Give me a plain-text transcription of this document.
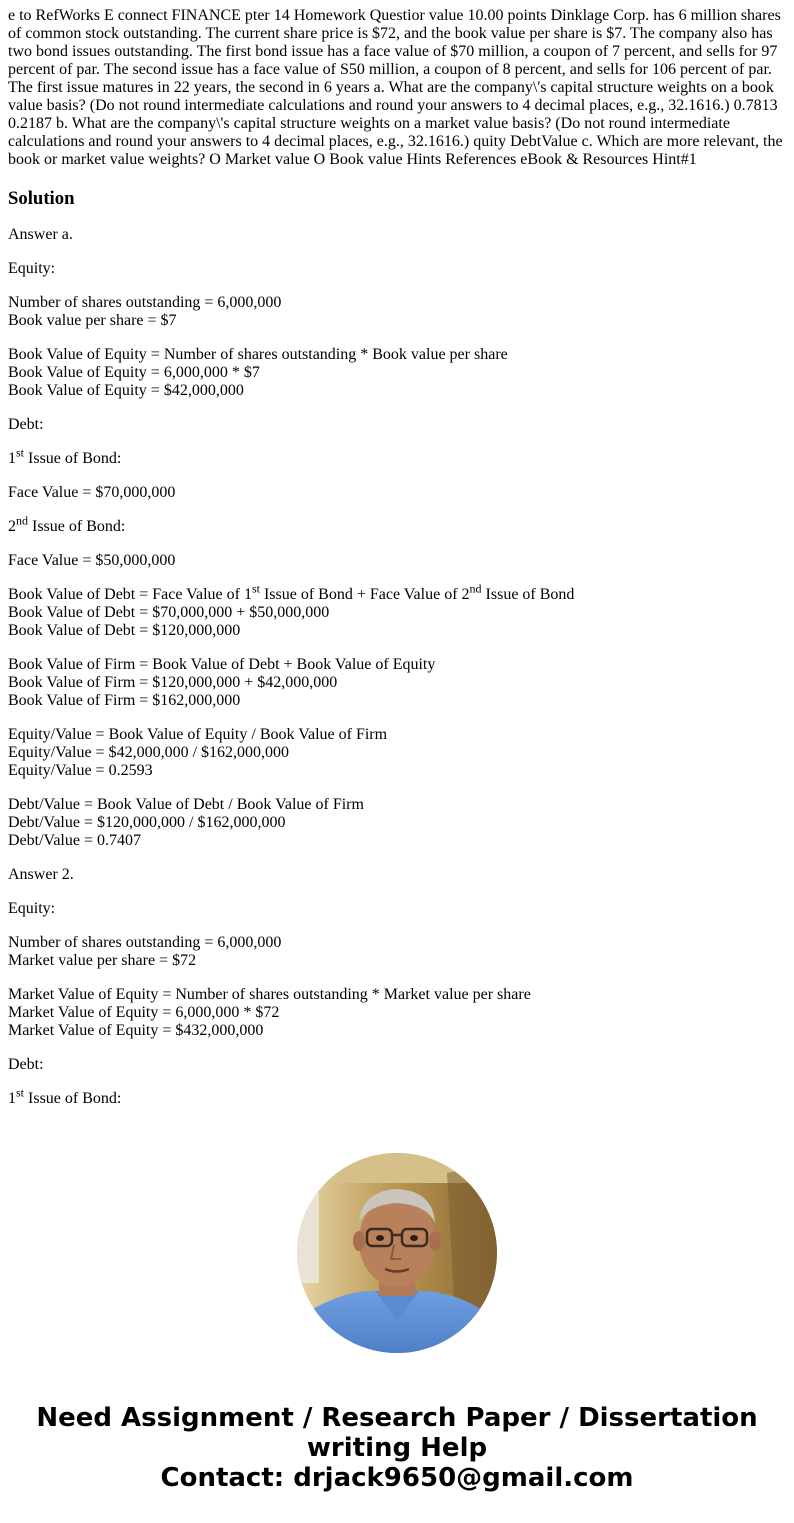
e to RefWorks E connect FINANCE pter 14 Homework Questior value 10.00 points Dinklage Corp. has 6 million shares of common stock outstanding. The current share price is $72, and the book value per share is $7. The company also has two bond issues outstanding. The first bond issue has a face value of $70 million, a coupon of 7 percent, and sells for 97 percent of par. The second issue has a face value of S50 million, a coupon of 8 percent, and sells for 106 percent of par. The first issue matures in 22 years, the second in 6 years a. What are the company\'s capital structure weights on a book value basis? (Do not round intermediate calculations and round your answers to 4 decimal places, e.g., 32.1616.) 0.7813 0.2187 b. What are the company\'s capital structure weights on a market value basis? (Do not round intermediate calculations and round your answers to 4 decimal places, e.g., 32.1616.) quity DebtValue c. Which are more relevant, the book or market value weights? O Market value O Book value Hints References eBook & Resources Hint#1
Solution

Answer a.

Equity:

Number of shares outstanding = 6,000,000
Book value per share = $7

Book Value of Equity = Number of shares outstanding * Book value per share
Book Value of Equity = 6,000,000 * $7
Book Value of Equity = $42,000,000

Debt:

1st Issue of Bond:

Face Value = $70,000,000

2nd Issue of Bond:

Face Value = $50,000,000

Book Value of Debt = Face Value of 1st Issue of Bond + Face Value of 2nd Issue of Bond
Book Value of Debt = $70,000,000 + $50,000,000
Book Value of Debt = $120,000,000

Book Value of Firm = Book Value of Debt + Book Value of Equity
Book Value of Firm = $120,000,000 + $42,000,000
Book Value of Firm = $162,000,000

Equity/Value = Book Value of Equity / Book Value of Firm
Equity/Value = $42,000,000 / $162,000,000
Equity/Value = 0.2593

Debt/Value = Book Value of Debt / Book Value of Firm
Debt/Value = $120,000,000 / $162,000,000
Debt/Value = 0.7407

Answer 2.

Equity:

Number of shares outstanding = 6,000,000
Market value per share = $72

Market Value of Equity = Number of shares outstanding * Market value per share
Market Value of Equity = 6,000,000 * $72
Market Value of Equity = $432,000,000

Debt:

1st Issue of Bond:

Need Assignment / Research Paper / Dissertation
writing Help
Contact: drjack9650@gmail.com
